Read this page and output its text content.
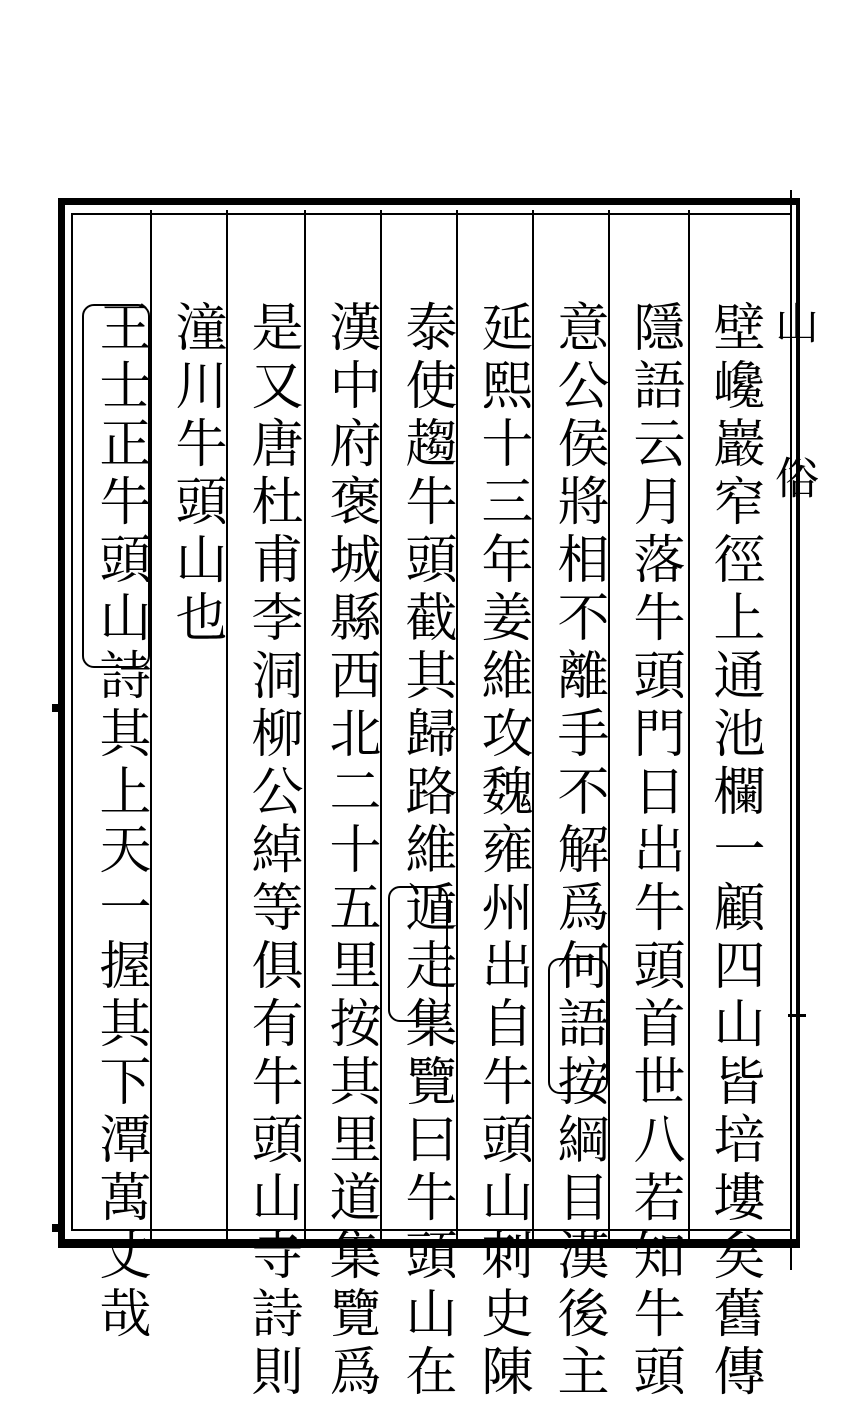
山 俗
壁巉巖窄徑上通池欄一顧四山皆培塿矣舊傳
隱語云月落牛頭門日出牛頭首世八若知牛頭
意公侯將相不離手不解爲何語按綱目漢後主
延熙十三年姜維攻魏雍州出自牛頭山刺史陳
泰使趨牛頭截其歸路維遁走集覽曰牛頭山在
漢中府褒城縣西北二十五里按其里道集覽爲
是又唐杜甫李洞柳公綽等俱有牛頭山寺詩則
潼川牛頭山也
王士正牛頭山詩其上天一握其下潭萬丈哉
